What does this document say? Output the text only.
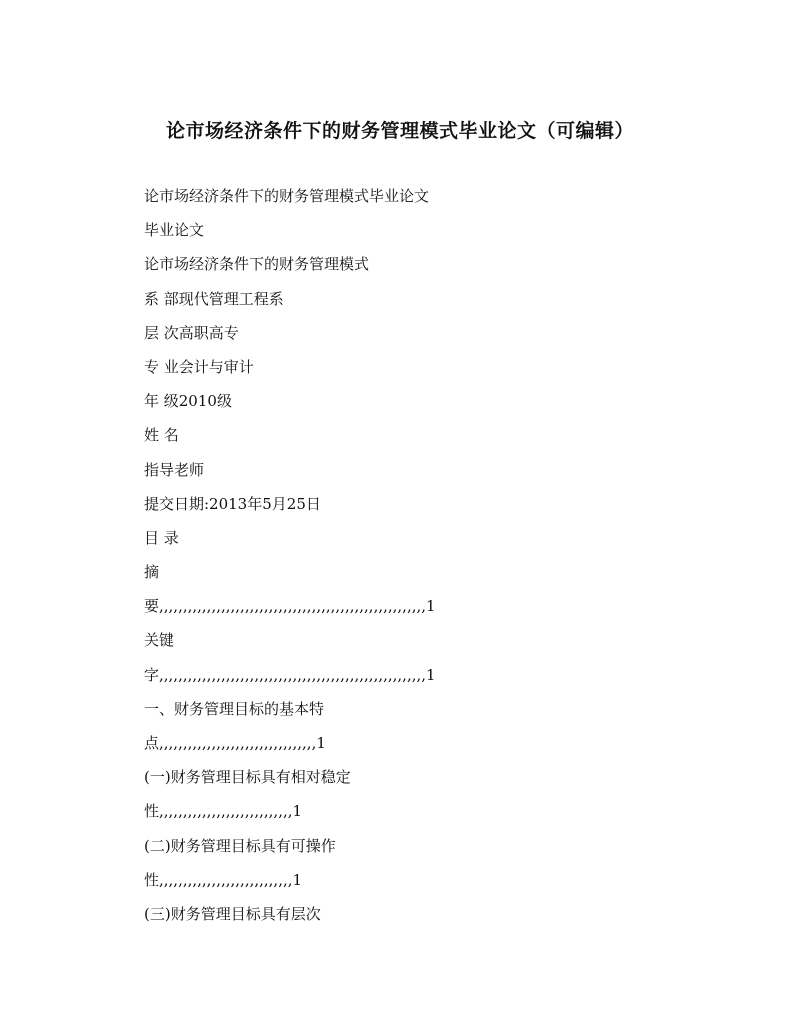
论市场经济条件下的财务管理模式毕业论文（可编辑）
论市场经济条件下的财务管理模式毕业论文
毕业论文
论市场经济条件下的财务管理模式
系 部现代管理工程系
层 次高职高专
专 业会计与审计
年 级2010级
姓 名
指导老师
提交日期:2013年5月25日
目 录
摘
要,,,,,,,,,,,,,,,,,,,,,,,,,,,,,,,,,,,,,,,,,,,,,,,,,,,,,,,,1
关键
字,,,,,,,,,,,,,,,,,,,,,,,,,,,,,,,,,,,,,,,,,,,,,,,,,,,,,,,,1
一、财务管理目标的基本特
点,,,,,,,,,,,,,,,,,,,,,,,,,,,,,,,,,1
(一)财务管理目标具有相对稳定
性,,,,,,,,,,,,,,,,,,,,,,,,,,,,1
(二)财务管理目标具有可操作
性,,,,,,,,,,,,,,,,,,,,,,,,,,,,1
(三)财务管理目标具有层次
